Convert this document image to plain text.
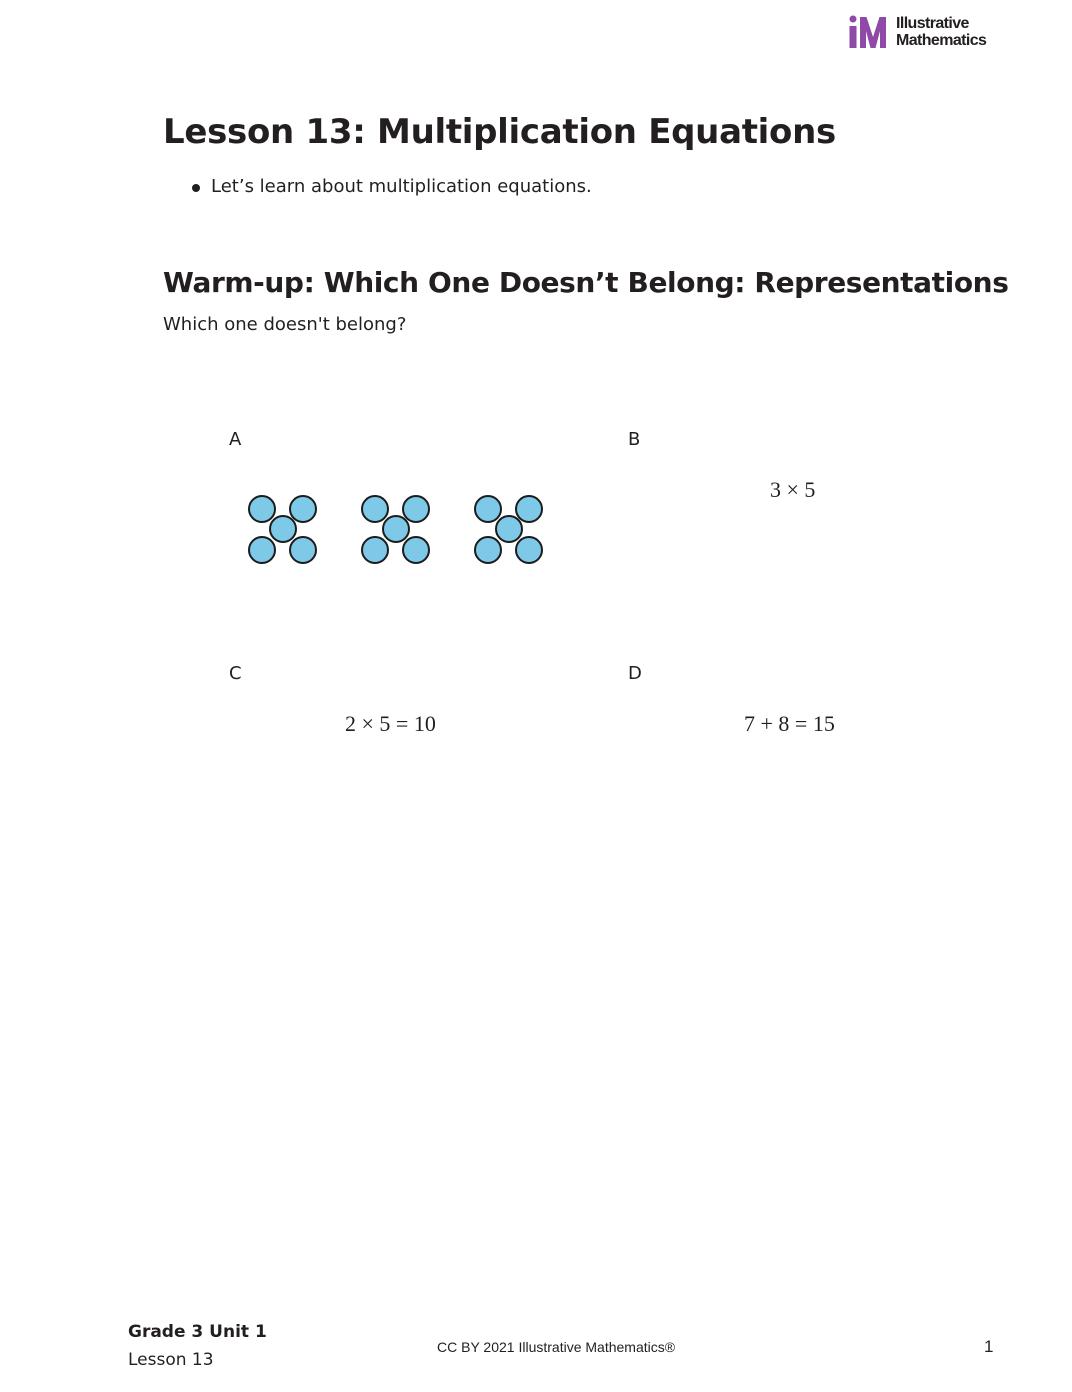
Illustrative
Mathematics
Lesson 13: Multiplication Equations
Let’s learn about multiplication equations.
Warm-up: Which One Doesn’t Belong: Representations

Which one doesn't belong?

A	B
3 × 5
C
2 × 5 = 10
D
7 + 8 = 15
Grade 3 Unit 1
Lesson 13
CC BY 2021 Illustrative Mathematics®	1
